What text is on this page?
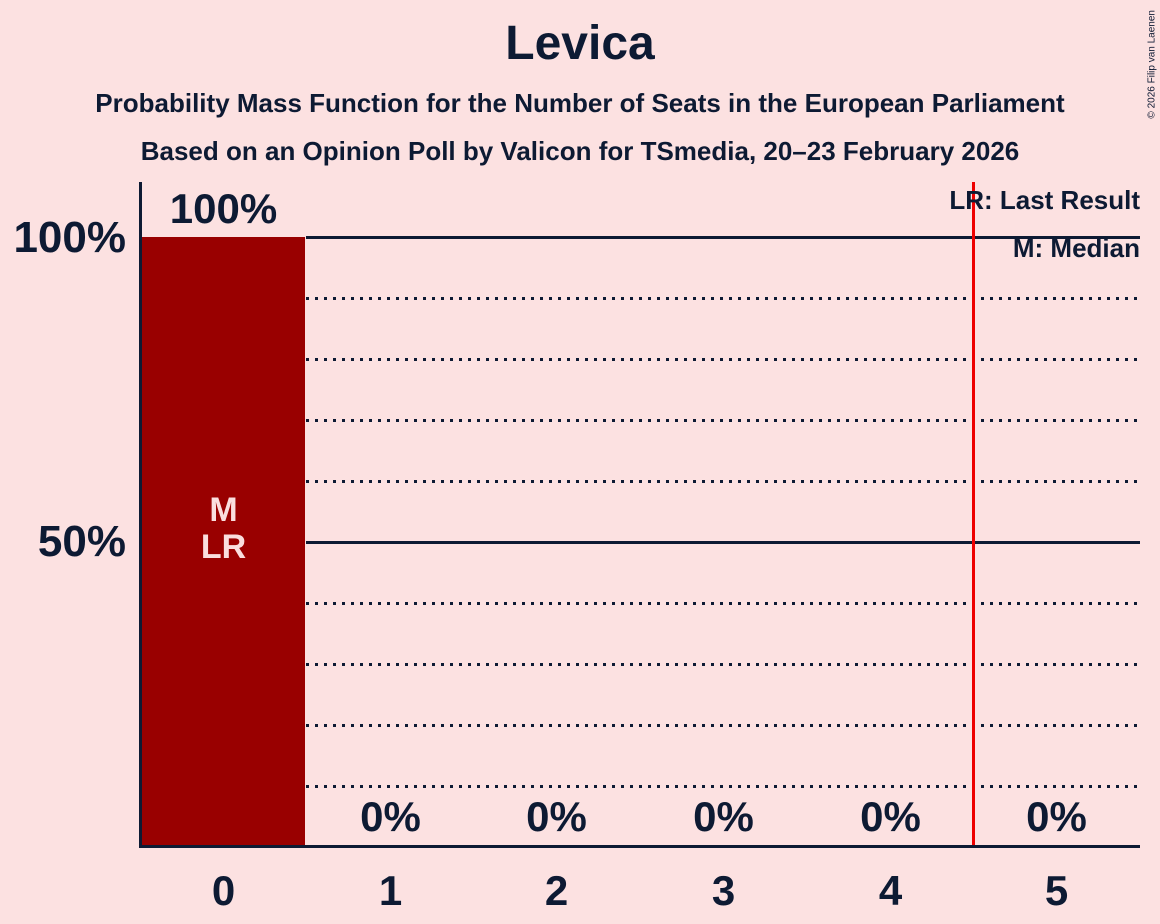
Levica
Probability Mass Function for the Number of Seats in the European Parliament
Based on an Opinion Poll by Valicon for TSmedia, 20–23 February 2026
LR: Last Result
M: Median
100%
50%
M
LR
100%
0%	0%	0%	0%	0%
0	1	2	3	4	5
© 2026 Filip van Laenen
